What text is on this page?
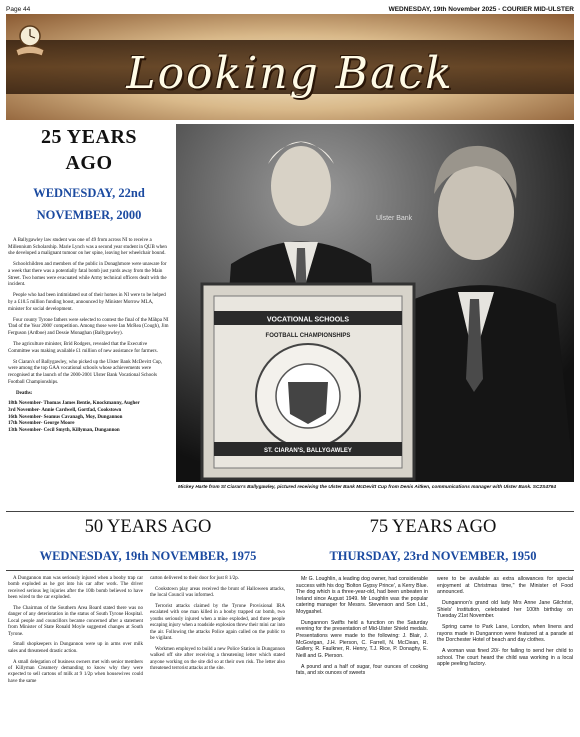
Page 44	WEDNESDAY, 19th November 2025 - COURIER MID-ULSTER
Looking Back
25 YEARS
AGO
WEDNESDAY, 22nd
NOVEMBER, 2000

A Ballygawley law student was one of 49 from across NI to receive a Millennium Scholarship. Marie Lynch was a second year student in QUB when she developed a malignant tumour on her spine, leaving her wheelchair bound.

Schoolchildren and members of the public in Donaghmore were unaware for a week that there was a potentially fatal bomb just yards away from the Main Street. Two homes were evacuated while Army technical officers dealt with the incident.

People who had been intimidated out of their homes in NI were to be helped by a £10.5 million funding boost, announced by Minister Morrow MLA, minister for social development.

Four county Tyrone fathers were selected to contest the final of the Mähpa NI 'Dad of the Year 2000' competition. Among those were Ian McRea (Cough), Jim Ferguson (Ardboe) and Dessie Monaghan (Ballygawley).

The agriculture minister, Bríd Rodgers, revealed that the Executive Committee was making available £1 million of new assistance for farmers.

St Ciaran's of Ballygawley, who picked up the Ulster Bank McDevitt Cup, were among the top GAA vocational schools whose achievements were recognised at the launch of the 2000-2001 Ulster Bank Vocational Schools Football Championships.

Deaths:
18th November- Thomas James Bentie, Knockmanny, Augher
3rd November- Annie Cardwell, Gortfad, Cookstown
16th November- Seamus Cavanagh, Moy, Dungannon
17th November- George Moore
13th November- Cecil Smyth, Killyman, Dungannon
VOCATIONAL SCHOOLS
FOOTBALL CHAMPIONSHIPS
ST. CIARAN'S, BALLYGAWLEY
Ulster Bank
Mickey Harte from St Ciaran's Ballygawley, pictured receiving the Ulster Bank McDevitt Cup from Denis Aitken, communications manager with Ulster Bank. SC2S4764
50 YEARS AGO
WEDNESDAY, 19th NOVEMBER, 1975
75 YEARS AGO
THURSDAY, 23rd NOVEMBER, 1950

A Dungannon man was seriously injured when a booby trap car bomb exploded as he got into his car after work. The driver received serious leg injuries after the 10lb bomb believed to have been wired to the car exploded.

The Chairman of the Southern Area Board stated there was no danger of any deterioration in the status of South Tyrone Hospital. Local people and councillors became concerned after a statement from Minister of State Ronald Moyle suggested changes at South Tyrone.

Small shopkeepers in Dungannon were up in arms over milk sales and threatened drastic action.

A small delegation of business owners met with senior members of Killyman Creamery demanding to know why they were expected to sell cartons of milk at 9 1/2p when housewives could have the same

carton delivered to their door for just 8 1/2p.

Cookstown play areas received the brunt of Halloween attacks, the local Council was informed.

Terrorist attacks claimed by the Tyrone Provisional IRA escalated with one man killed in a booby trapped car bomb, two youths seriously injured when a mine exploded, and three people escaping injury when a roadside explosion threw their mini car into the air. Following the attacks Police again called on the public to be vigilant.

Workmen employed to build a new Police Station in Dungannon walked off site after receiving a threatening letter which stated anyone working on the site did so at their own risk. The letter also threatened terrorist attacks at the site.

Mr G. Loughlin, a leading dog owner, had considerable success with his dog 'Bolton Gypsy Prince', a Kerry Blue. The dog which is a three-year-old, had been unbeaten in Ireland since August 1949. Mr Loughlin was the popular catering manager for Messrs. Stevenson and Son Ltd., Moygashel.

Dungannon Swifts held a function on the Saturday evening for the presentation of Mid-Ulster Shield medals. Presentations were made to the following: J. Blair, J. McGovigan, J.H. Pierson, C. Farrell, N. McClean, R. Gallery, R. Faulkner, R. Henry, T.J. Rice, P. Donaghy, E. Neill and G. Pierson.

A pound and a half of sugar, four ounces of cooking fats, and six ounces of sweets

were to be available as extra allowances for special enjoyment at Christmas time," the Minister of Food announced.

Dungannon's grand old lady Mrs Anne Jane Gilchrist, Shiels' Institution, celebrated her 100th birthday on Tuesday 21st November.

Spring came to Park Lane, London, when linens and rayons made in Dungannon were featured at a parade at the Dorchester Hotel of beach and day clothes.

A woman was fined 20/- for failing to send her child to school. The court heard the child was working in a local apple peeling factory.
